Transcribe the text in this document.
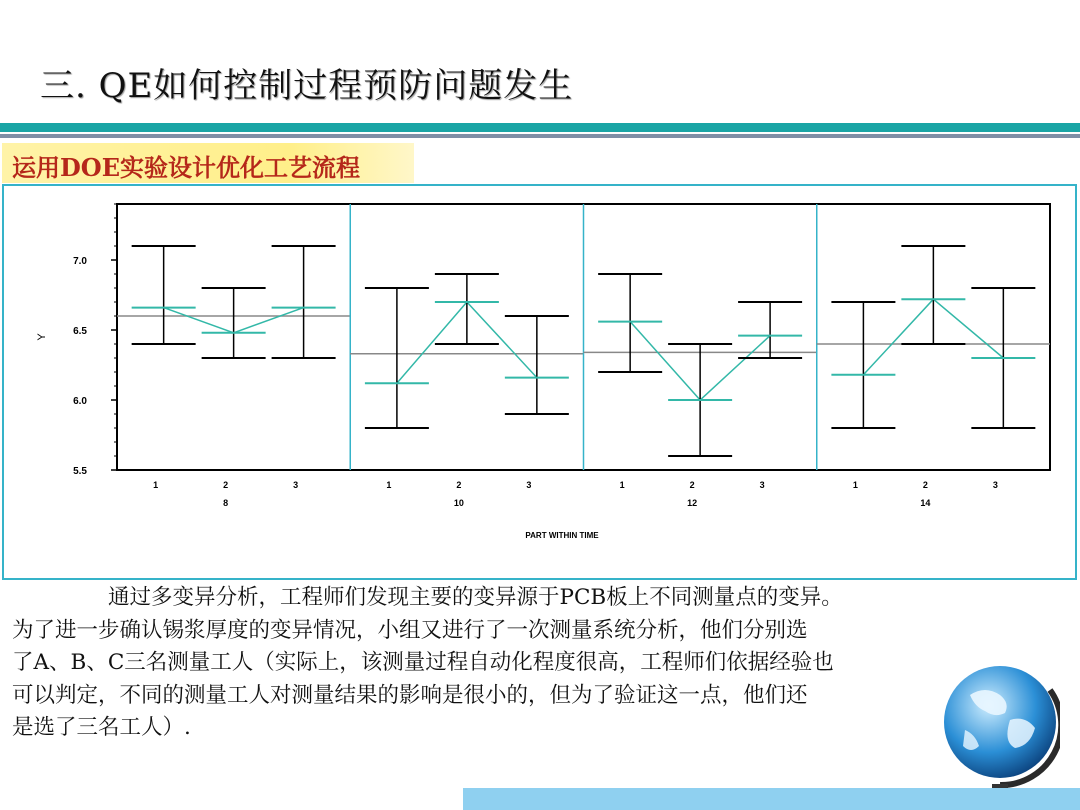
三. QE如何控制过程预防问题发生
运用DOE实验设计优化工艺流程
5.5
6.0
6.5
7.0
Y
1	2	3
8
1	2	3
10
1	2	3
12
1	2	3
14
PART WITHIN TIME
通过多变异分析，工程师们发现主要的变异源于PCB板上不同测量点的变异。
为了进一步确认锡浆厚度的变异情况，小组又进行了一次测量系统分析，他们分别选
了A、B、C三名测量工人（实际上，该测量过程自动化程度很高，工程师们依据经验也
可以判定，不同的测量工人对测量结果的影响是很小的，但为了验证这一点，他们还
是选了三名工人）.
